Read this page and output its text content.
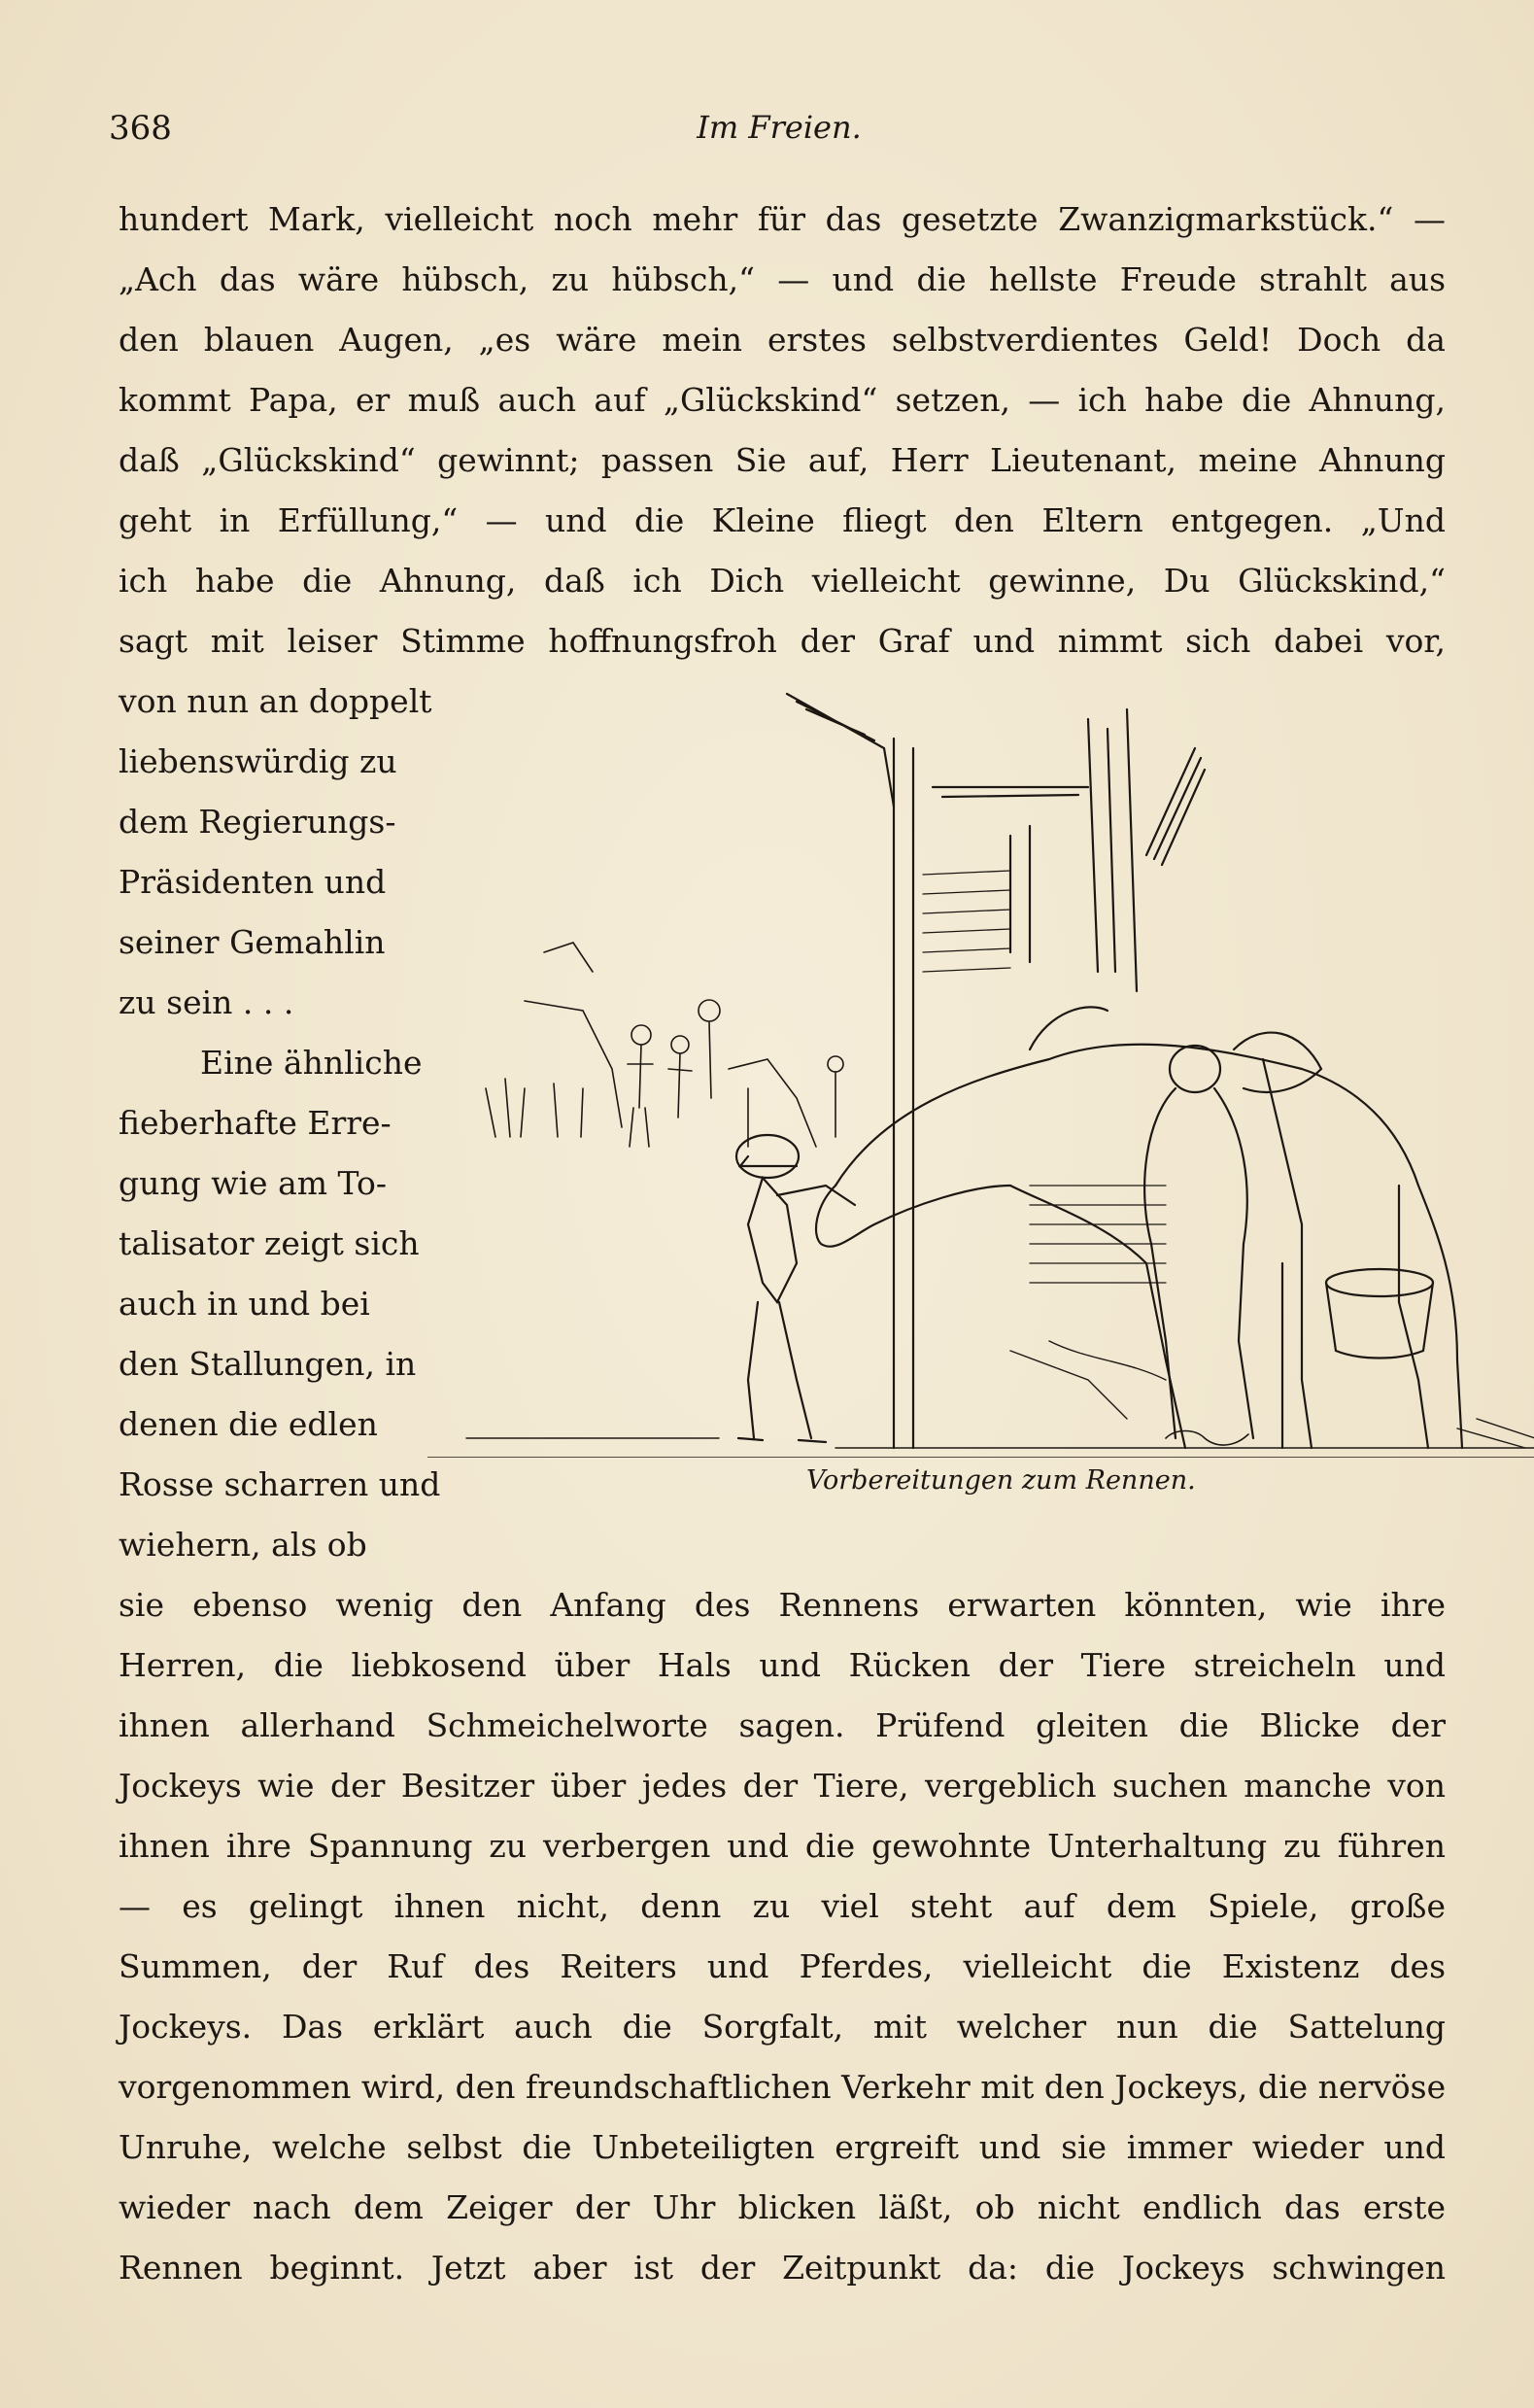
368	Im Freien.
hundert Mark, vielleicht noch mehr für das gesetzte Zwanzigmarkstück.“ —
„Ach das wäre hübsch, zu hübsch,“ — und die hellste Freude strahlt aus
den blauen Augen, „es wäre mein erstes selbstverdientes Geld! Doch da
kommt Papa, er muß auch auf „Glückskind“ setzen, — ich habe die Ahnung,
daß „Glückskind“ gewinnt; passen Sie auf, Herr Lieutenant, meine Ahnung
geht in Erfüllung,“ — und die Kleine fliegt den Eltern entgegen. „Und
ich habe die Ahnung, daß ich Dich vielleicht gewinne, Du Glückskind,“
sagt mit leiser Stimme hoffnungsfroh der Graf und nimmt sich dabei vor,
von nun an doppelt
liebenswürdig zu
dem Regierungs-
Präsidenten und
seiner Gemahlin
zu sein . . .
Eine ähnliche
fieberhafte Erre-
gung wie am To-
talisator zeigt sich
auch in und bei
den Stallungen, in
denen die edlen
Rosse scharren und
wiehern, als ob
Vorbereitungen zum Rennen.
sie ebenso wenig den Anfang des Rennens erwarten könnten, wie ihre
Herren, die liebkosend über Hals und Rücken der Tiere streicheln und
ihnen allerhand Schmeichelworte sagen. Prüfend gleiten die Blicke der
Jockeys wie der Besitzer über jedes der Tiere, vergeblich suchen manche von
ihnen ihre Spannung zu verbergen und die gewohnte Unterhaltung zu führen
— es gelingt ihnen nicht, denn zu viel steht auf dem Spiele, große
Summen, der Ruf des Reiters und Pferdes, vielleicht die Existenz des
Jockeys. Das erklärt auch die Sorgfalt, mit welcher nun die Sattelung
vorgenommen wird, den freundschaftlichen Verkehr mit den Jockeys, die nervöse
Unruhe, welche selbst die Unbeteiligten ergreift und sie immer wieder und
wieder nach dem Zeiger der Uhr blicken läßt, ob nicht endlich das erste
Rennen beginnt. Jetzt aber ist der Zeitpunkt da: die Jockeys schwingen
